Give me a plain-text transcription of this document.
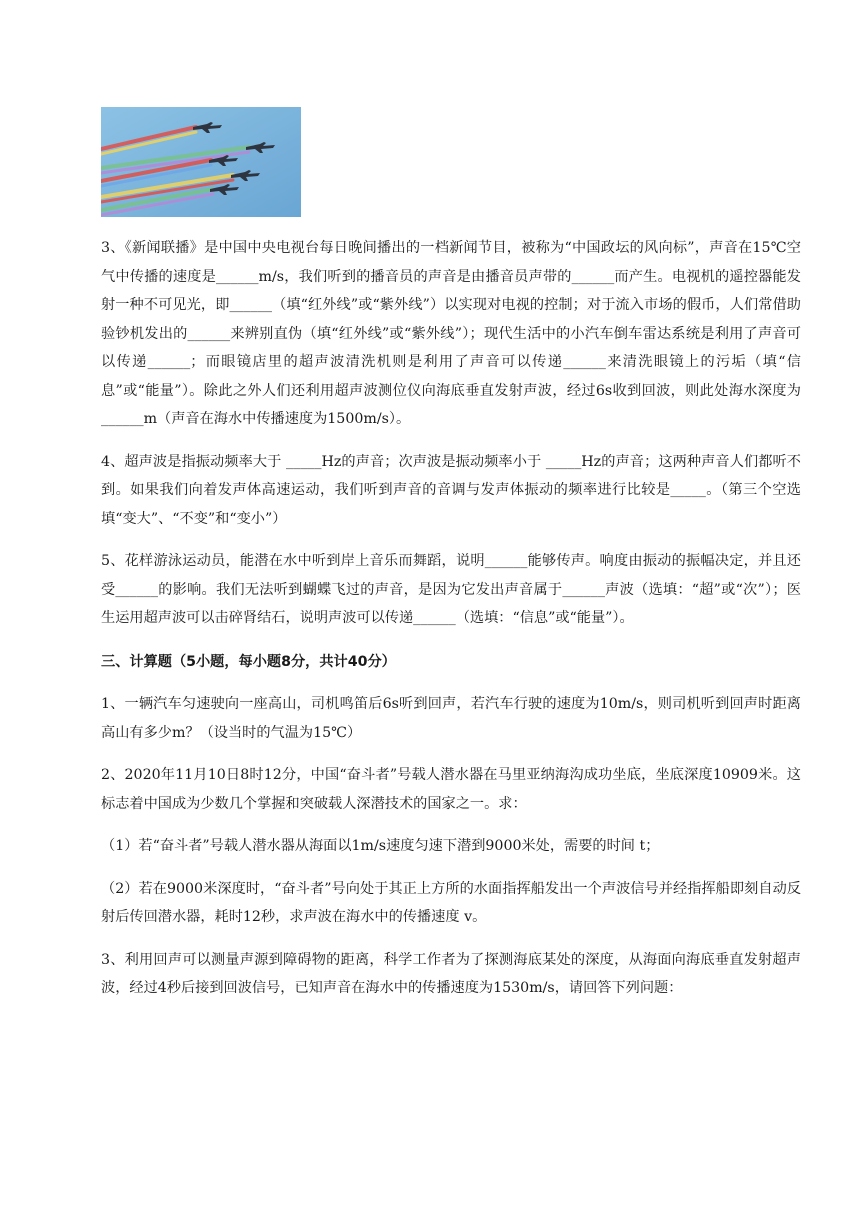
3、《新闻联播》是中国中央电视台每日晚间播出的一档新闻节目，被称为“中国政坛的风向标”，声音在15℃空气中传播的速度是______m/s，我们听到的播音员的声音是由播音员声带的______而产生。电视机的遥控器能发射一种不可见光，即______（填“红外线”或“紫外线”）以实现对电视的控制；对于流入市场的假币，人们常借助验钞机发出的______来辨别直伪（填“红外线”或“紫外线”）；现代生活中的小汽车倒车雷达系统是利用了声音可以传递______；而眼镜店里的超声波清洗机则是利用了声音可以传递______来清洗眼镜上的污垢（填“信息”或“能量”）。除此之外人们还利用超声波测位仪向海底垂直发射声波，经过6s收到回波，则此处海水深度为______m（声音在海水中传播速度为1500m/s）。

4、超声波是指振动频率大于 _____Hz的声音；次声波是振动频率小于 _____Hz的声音；这两种声音人们都听不到。如果我们向着发声体高速运动，我们听到声音的音调与发声体振动的频率进行比较是_____。（第三个空选填“变大”、“不变”和“变小”）

5、花样游泳运动员，能潜在水中听到岸上音乐而舞蹈，说明______能够传声。响度由振动的振幅决定，并且还受______的影响。我们无法听到蝴蝶飞过的声音，是因为它发出声音属于______声波（选填：“超”或“次”）；医生运用超声波可以击碎肾结石，说明声波可以传递______（选填：“信息”或“能量”）。

三、计算题（5小题，每小题8分，共计40分）

1、一辆汽车匀速驶向一座高山，司机鸣笛后6s听到回声，若汽车行驶的速度为10m/s，则司机听到回声时距离高山有多少m？（设当时的气温为15℃）

2、2020年11月10日8时12分，中国“奋斗者”号载人潜水器在马里亚纳海沟成功坐底，坐底深度10909米。这标志着中国成为少数几个掌握和突破载人深潜技术的国家之一。求：

（1）若“奋斗者”号载人潜水器从海面以1m/s速度匀速下潜到9000米处，需要的时间 t；

（2）若在9000米深度时，“奋斗者”号向处于其正上方所的水面指挥船发出一个声波信号并经指挥船即刻自动反射后传回潜水器，耗时12秒，求声波在海水中的传播速度 v。

3、利用回声可以测量声源到障碍物的距离，科学工作者为了探测海底某处的深度，从海面向海底垂直发射超声波，经过4秒后接到回波信号，已知声音在海水中的传播速度为1530m/s，请回答下列问题：
